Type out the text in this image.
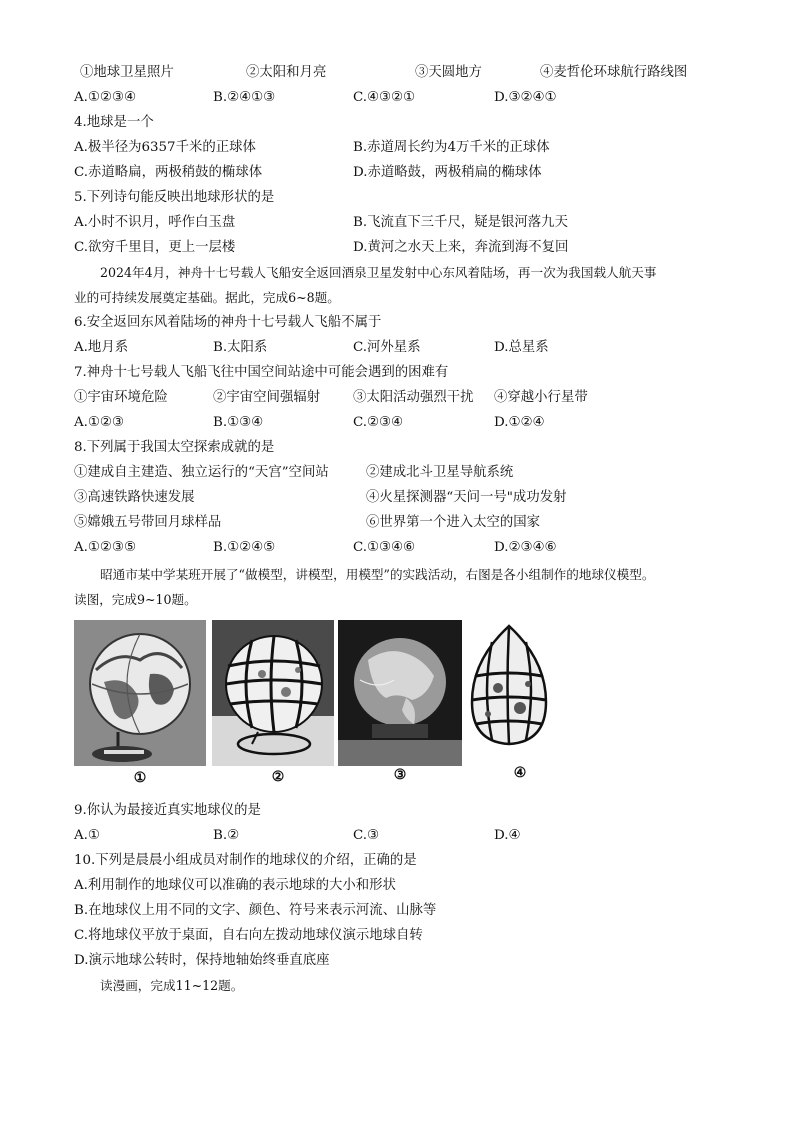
①地球卫星照片	②太阳和月亮	③天圆地方	④麦哲伦环球航行路线图
A.①②③④	B.②④①③	C.④③②①	D.③②④①
4.地球是一个
A.极半径为6357千米的正球体	B.赤道周长约为4万千米的正球体
C.赤道略扁，两极稍鼓的椭球体	D.赤道略鼓，两极稍扁的椭球体
5.下列诗句能反映出地球形状的是
A.小时不识月，呼作白玉盘	B.飞流直下三千尺，疑是银河落九天
C.欲穷千里目，更上一层楼	D.黄河之水天上来，奔流到海不复回
2024年4月，神舟十七号载人飞船安全返回酒泉卫星发射中心东风着陆场，再一次为我国载人航天事
业的可持续发展奠定基础。据此，完成6~8题。
6.安全返回东风着陆场的神舟十七号载人飞船不属于
A.地月系	B.太阳系	C.河外星系	D.总星系
7.神舟十七号载人飞船飞往中国空间站途中可能会遇到的困难有
①宇宙环境危险	②宇宙空间强辐射 ③太阳活动强烈干扰 ④穿越小行星带
A.①②③	B.①③④	C.②③④	D.①②④
8.下列属于我国太空探索成就的是
①建成自主建造、独立运行的“天宫”空间站	②建成北斗卫星导航系统
③高速铁路快速发展	④火星探测器“天问一号"成功发射
⑤嫦娥五号带回月球样品	⑥世界第一个进入太空的国家
A.①②③⑤	B.①②④⑤	C.①③④⑥	D.②③④⑥
昭通市某中学某班开展了“做模型，讲模型，用模型”的实践活动，右图是各小组制作的地球仪模型。
读图，完成9~10题。
①	②	③	④
9.你认为最接近真实地球仪的是
A.①	B.②	C.③	D.④
10.下列是晨晨小组成员对制作的地球仪的介绍，正确的是
A.利用制作的地球仪可以准确的表示地球的大小和形状
B.在地球仪上用不同的文字、颜色、符号来表示河流、山脉等
C.将地球仪平放于桌面，自右向左拨动地球仪演示地球自转
D.演示地球公转时，保持地轴始终垂直底座
读漫画，完成11~12题。
